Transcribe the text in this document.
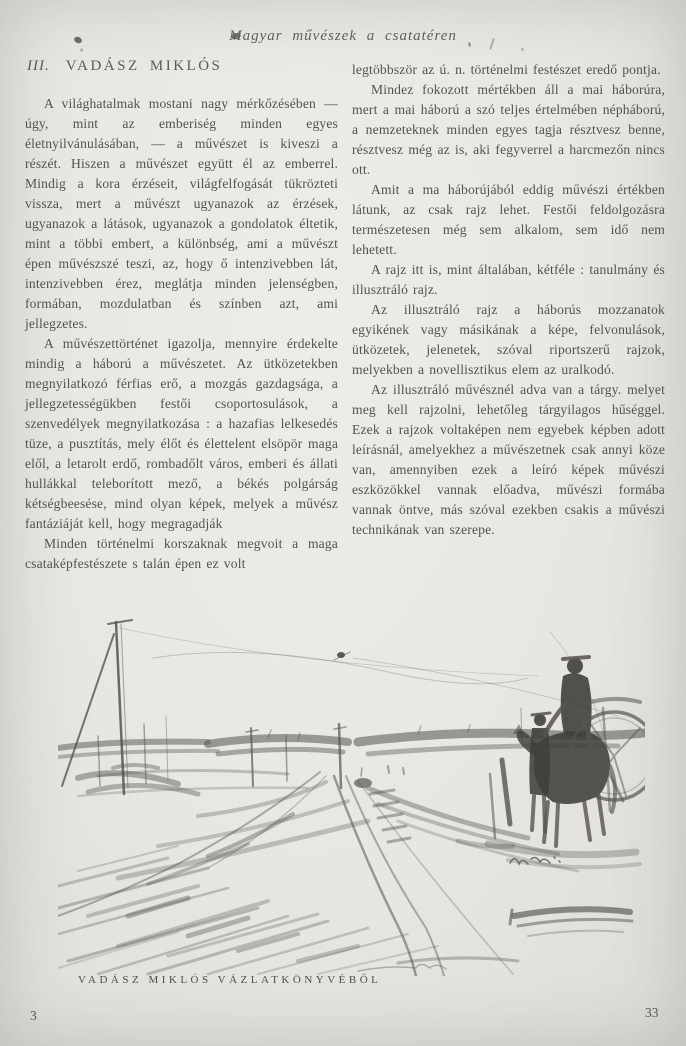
Magyar művészek a csatatéren
III. VADÁSZ MIKLÓS

A világhatalmak mostani nagy mérkőzésében — úgy, mint az emberiség minden egyes életnyilvánulásában, — a művészet is kiveszi a részét. Hiszen a művészet együtt él az emberrel. Mindig a kora érzéseit, világfelfogását tükrözteti vissza, mert a művészt ugyanazok az érzések, ugyanazok a látások, ugyanazok a gondolatok éltetik, mint a többi embert, a különbség, ami a művészt épen művészszé teszi, az, hogy ő intenzivebben lát, intenzivebben érez, meglátja minden jelenségben, formában, mozdulatban és színben azt, ami jellegzetes.

A művészettörténet igazolja, mennyire érdekelte mindig a háború a művészetet. Az ütközetekben megnyilatkozó férfias erő, a mozgás gazdagsága, a jellegzetességükben festői csoportosulások, a szenvedélyek megnyilatkozása : a hazafias lelkesedés tüze, a pusztítás, mely élőt és élettelent elsöpör maga elől, a letarolt erdő, rombadőlt város, emberi és állati hullákkal teleborított mező, a békés polgárság kétségbeesése, mind olyan képek, melyek a művész fantáziáját kell, hogy megragadják

Minden történelmi korszaknak megvoit a maga csataképfestészete s talán épen ez volt

legtöbbször az ú. n. történelmi festészet eredő pontja.

Mindez fokozott mértékben áll a mai háborúra, mert a mai háború a szó teljes értelmében népháború, a nemzeteknek minden egyes tagja résztvesz benne, résztvesz még az is, aki fegyverrel a harcmezőn nincs ott.

Amit a ma háborújából eddig művészi értékben látunk, az csak rajz lehet. Festői feldolgozásra természetesen még sem alkalom, sem idő nem lehetett.

A rajz itt is, mint általában, kétféle : tanulmány és illusztráló rajz.

Az illusztráló rajz a háborús mozzanatok egyikének vagy másikának a képe, felvonulások, ütközetek, jelenetek, szóval riportszerű rajzok, melyekben a novellisztikus elem az uralkodó.

Az illusztráló művésznél adva van a tárgy. melyet meg kell rajzolni, lehetőleg tárgyilagos hűséggel. Ezek a rajzok voltaképen nem egyebek képben adott leírásnál, amelyekhez a művészetnek csak annyi köze van, amennyiben ezek a leíró képek művészi eszközökkel vannak előadva, művészi formába vannak öntve, más szóval ezekben csakis a művészi technikának van szerepe.

VADÁSZ MIKLÓS VÁZLATKÖNYVÉBŐL
3	33
